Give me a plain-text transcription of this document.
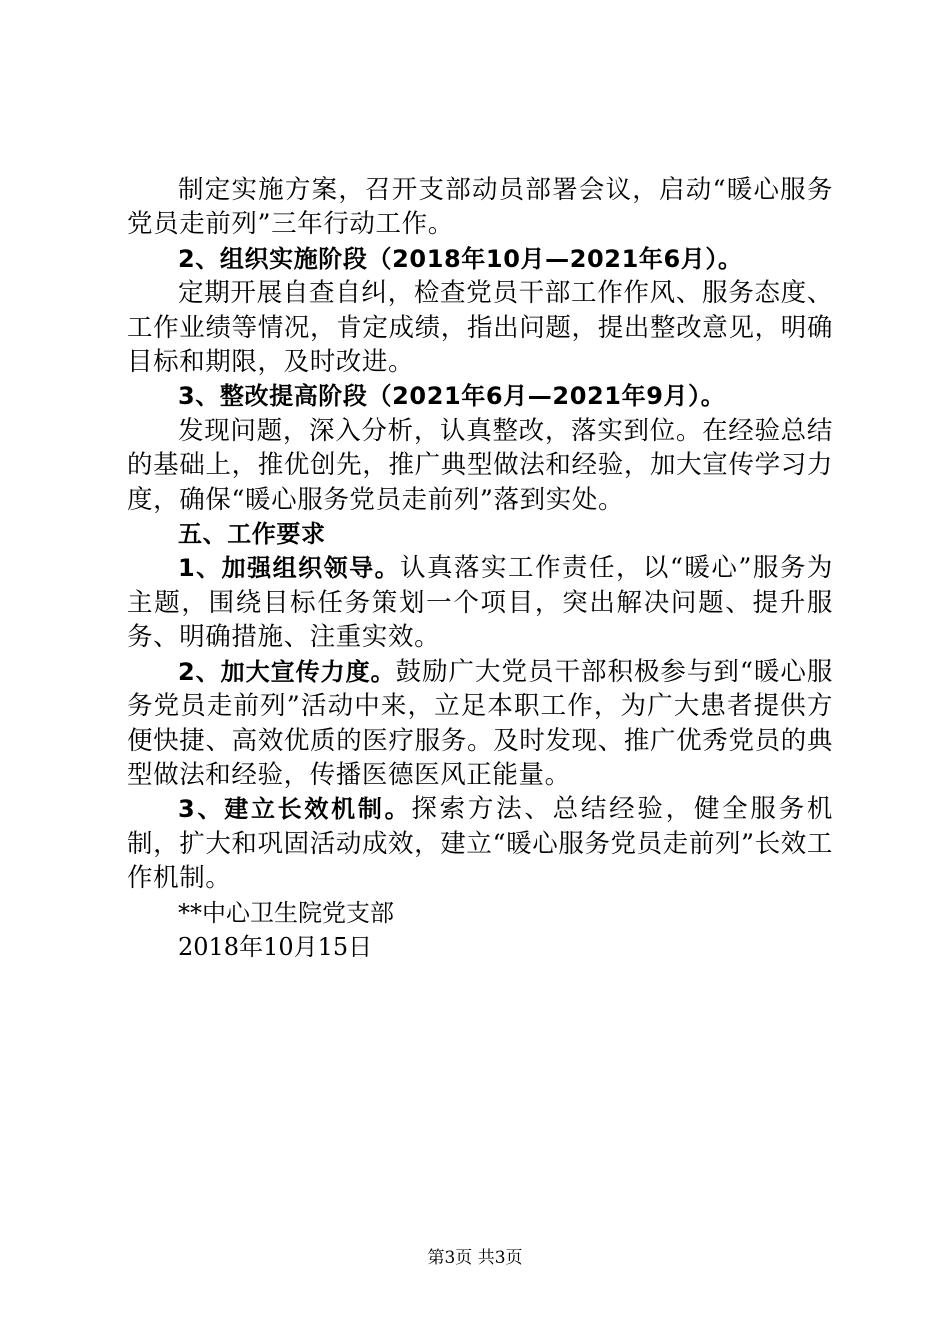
制定实施方案，召开支部动员部署会议，启动“暖心服务党员走前列”三年行动工作。

2、组织实施阶段（2018年10月—2021年6月）。

定期开展自查自纠，检查党员干部工作作风、服务态度、工作业绩等情况，肯定成绩，指出问题，提出整改意见，明确目标和期限，及时改进。

3、整改提高阶段（2021年6月—2021年9月）。

发现问题，深入分析，认真整改，落实到位。在经验总结的基础上，推优创先，推广典型做法和经验，加大宣传学习力度，确保“暖心服务党员走前列”落到实处。

五、工作要求

1、加强组织领导。认真落实工作责任，以“暖心”服务为主题，围绕目标任务策划一个项目，突出解决问题、提升服务、明确措施、注重实效。

2、加大宣传力度。鼓励广大党员干部积极参与到“暖心服务党员走前列”活动中来，立足本职工作，为广大患者提供方便快捷、高效优质的医疗服务。及时发现、推广优秀党员的典型做法和经验，传播医德医风正能量。

3、建立长效机制。探索方法、总结经验，健全服务机制，扩大和巩固活动成效，建立“暖心服务党员走前列”长效工作机制。

**中心卫生院党支部

2018年10月15日

第3页 共3页
